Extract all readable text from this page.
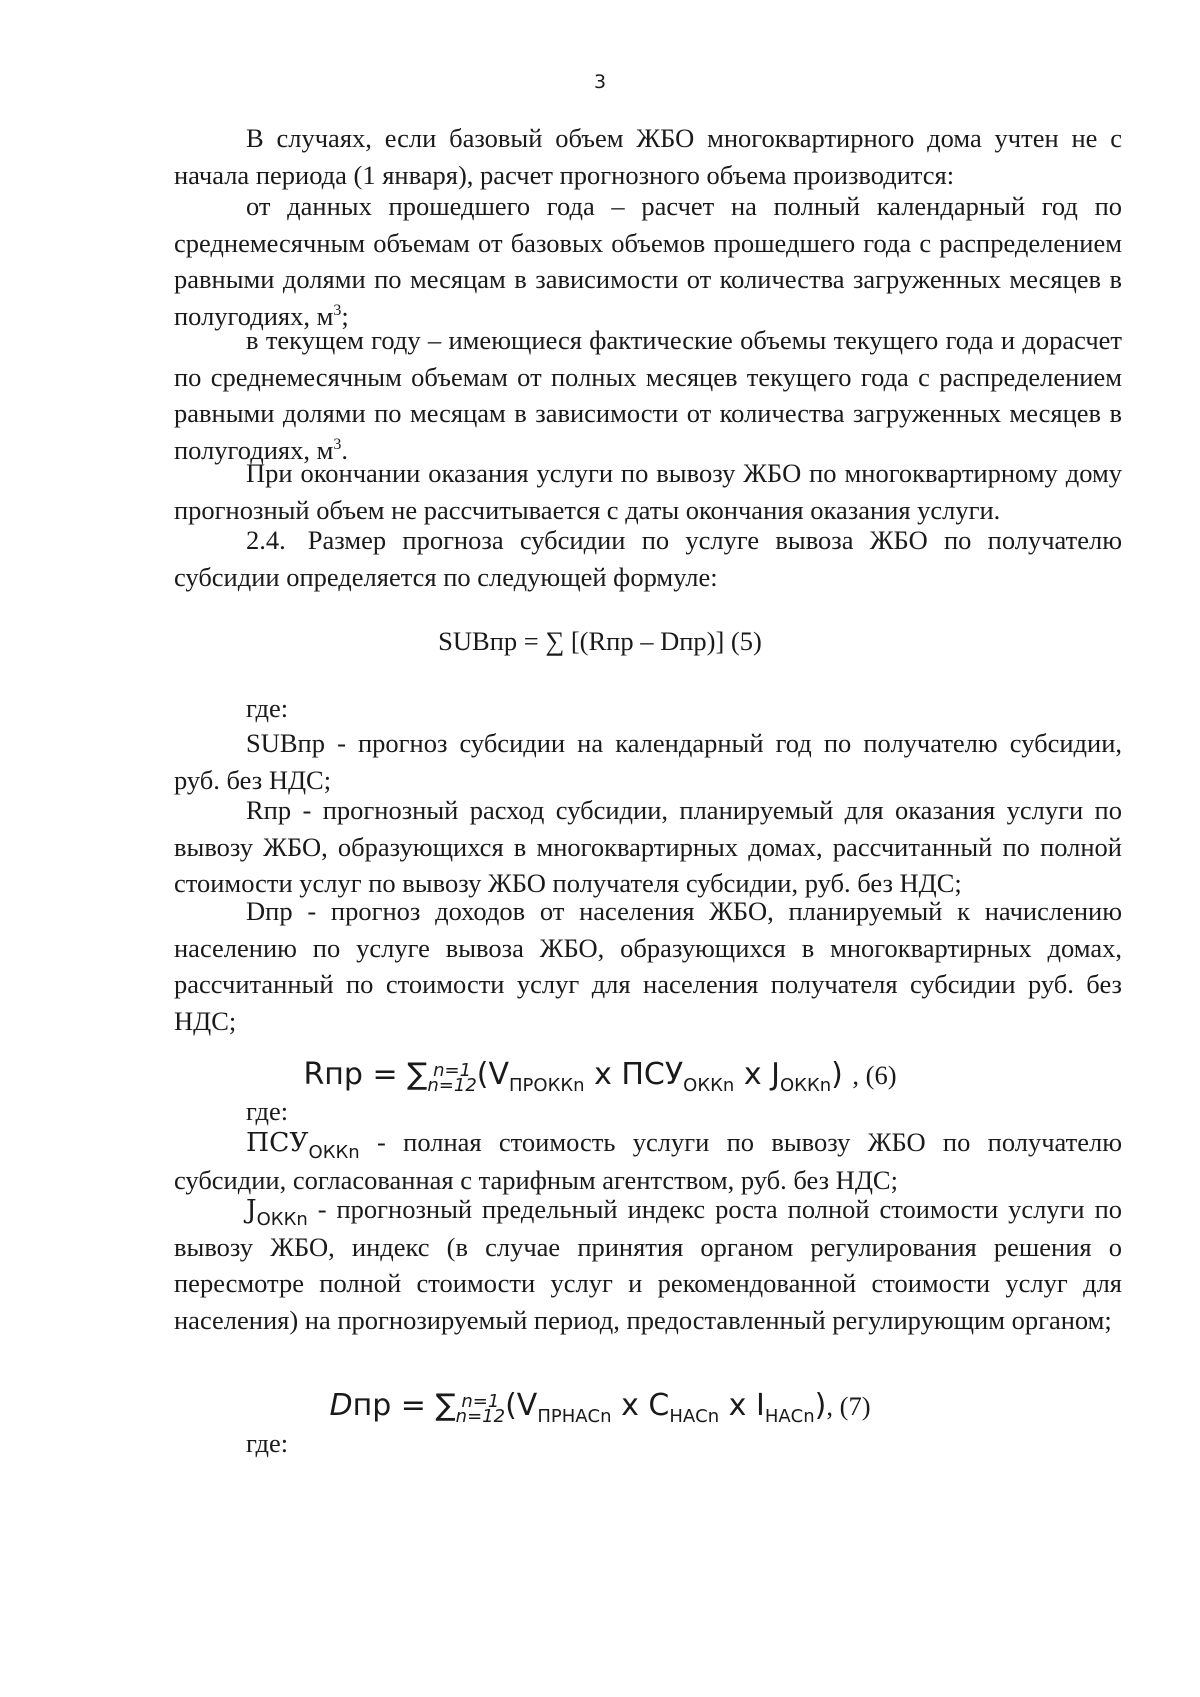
3

В случаях, если базовый объем ЖБО многоквартирного дома учтен не с начала периода (1 января), расчет прогнозного объема производится:

от данных прошедшего года – расчет на полный календарный год по среднемесячным объемам от базовых объемов прошедшего года с распределением равными долями по месяцам в зависимости от количества загруженных месяцев в полугодиях, $м^3$;

в текущем году – имеющиеся фактические объемы текущего года и дорасчет по среднемесячным объемам от полных месяцев текущего года с распределением равными долями по месяцам в зависимости от количества загруженных месяцев в полугодиях, $м^3$.

При окончании оказания услуги по вывозу ЖБО по многоквартирному дому прогнозный объем не рассчитывается с даты окончания оказания услуги.

2.4. Размер прогноза субсидии по услуге вывоза ЖБО по получателю субсидии определяется по следующей формуле:

SUBпр = ∑ [(Rпр – Dпр)] (5)

где:

SUBпр - прогноз субсидии на календарный год по получателю субсидии, руб. без НДС;

Rпр - прогнозный расход субсидии, планируемый для оказания услуги по вывозу ЖБО, образующихся в многоквартирных домах, рассчитанный по полной стоимости услуг по вывозу ЖБО получателя субсидии, руб. без НДС;

Dпр - прогноз доходов от населения ЖБО, планируемый к начислению населению по услуге вывоза ЖБО, образующихся в многоквартирных домах, рассчитанный по стоимости услуг для населения получателя субсидии руб. без НДС;

Rпр = ∑ n=1
n=12 ($V_{ПРОККn}$ x $ПСУ_{ОККn}$ x $J_{ОККn}$) , (6)

где:

$ПСУ_{ОККn}$ - полная стоимость услуги по вывозу ЖБО по получателю субсидии, согласованная с тарифным агентством, руб. без НДС;

$J_{ОККn}$ - прогнозный предельный индекс роста полной стоимости услуги по вывозу ЖБО, индекс (в случае принятия органом регулирования решения о пересмотре полной стоимости услуг и рекомендованной стоимости услуг для населения) на прогнозируемый период, предоставленный регулирующим органом;

Dпр = ∑ n=1
n=12 ($V_{ПРНАСn}$ x $C_{НАСn}$ x $I_{НАСn}$), (7)

где:
